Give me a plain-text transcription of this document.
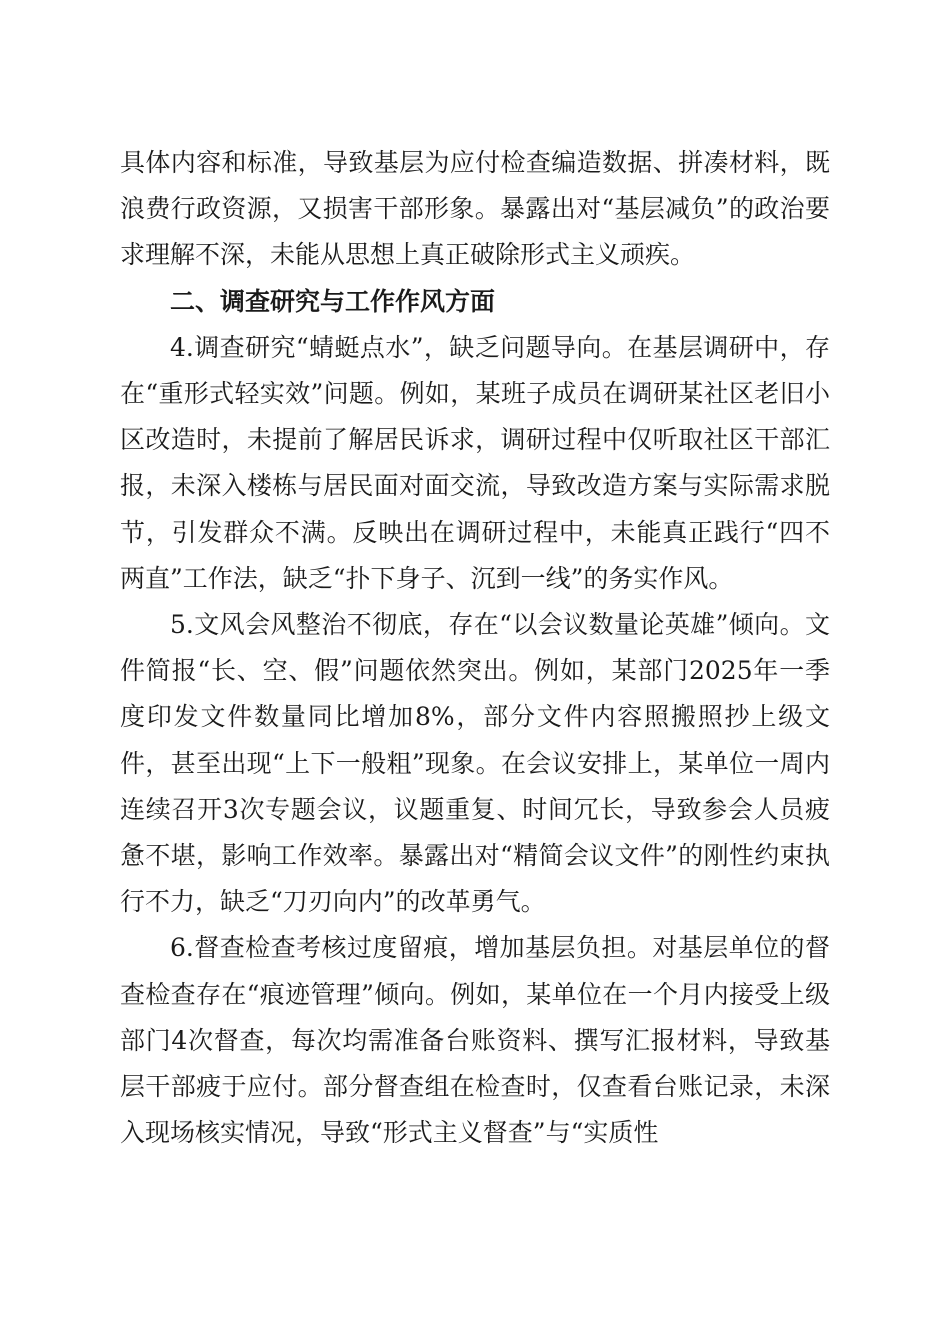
具体内容和标准，导致基层为应付检查编造数据、拼凑材料，既浪费行政资源，又损害干部形象。暴露出对“基层减负”的政治要求理解不深，未能从思想上真正破除形式主义顽疾。

二、调查研究与工作作风方面

4.调查研究“蜻蜓点水”，缺乏问题导向。在基层调研中，存在“重形式轻实效”问题。例如，某班子成员在调研某社区老旧小区改造时，未提前了解居民诉求，调研过程中仅听取社区干部汇报，未深入楼栋与居民面对面交流，导致改造方案与实际需求脱节，引发群众不满。反映出在调研过程中，未能真正践行“四不两直”工作法，缺乏“扑下身子、沉到一线”的务实作风。

5.文风会风整治不彻底，存在“以会议数量论英雄”倾向。文件简报“长、空、假”问题依然突出。例如，某部门2025年一季度印发文件数量同比增加8%，部分文件内容照搬照抄上级文件，甚至出现“上下一般粗”现象。在会议安排上，某单位一周内连续召开3次专题会议，议题重复、时间冗长，导致参会人员疲惫不堪，影响工作效率。暴露出对“精简会议文件”的刚性约束执行不力，缺乏“刀刃向内”的改革勇气。

6.督查检查考核过度留痕，增加基层负担。对基层单位的督查检查存在“痕迹管理”倾向。例如，某单位在一个月内接受上级部门4次督查，每次均需准备台账资料、撰写汇报材料，导致基层干部疲于应付。部分督查组在检查时，仅查看台账记录，未深入现场核实情况，导致“形式主义督查”与“实质性
